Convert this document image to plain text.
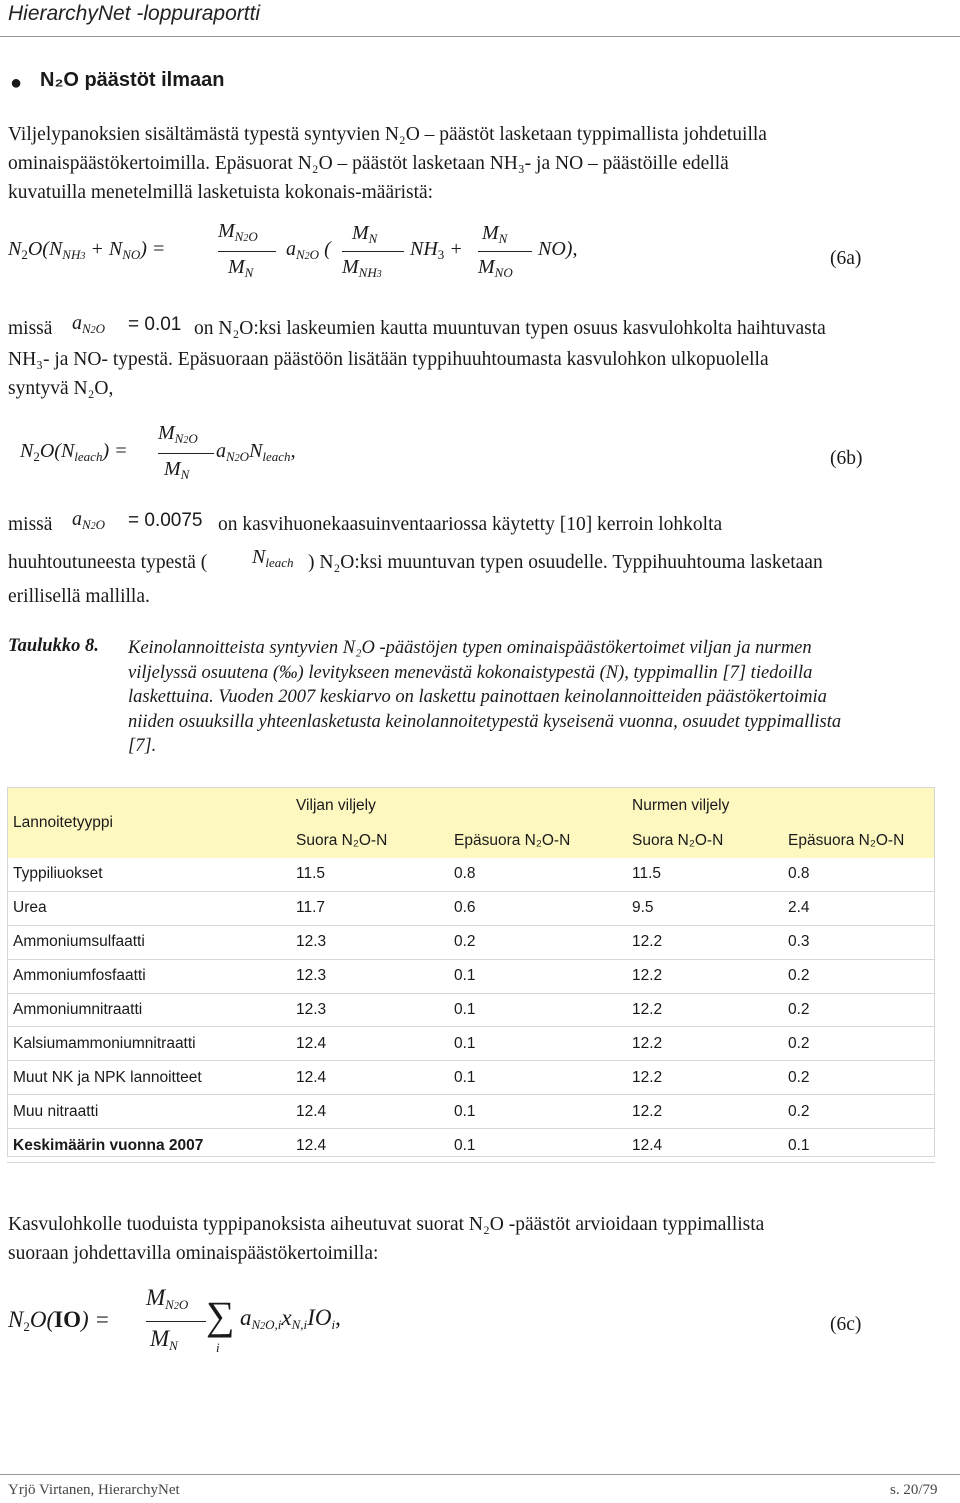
HierarchyNet -loppuraportti
● N₂O päästöt ilmaan
Viljelypanoksien sisältämästä typestä syntyvien N₂O – päästöt lasketaan typpimallista johdetuilla
ominaispäästökertoimilla. Epäsuorat N₂O – päästöt lasketaan NH₃- ja NO – päästöille edellä
kuvatuilla menetelmillä lasketuista kokonais-määristä:
$N_2O(N_{NH3} + N_{NO})$ =
$M_{N2O}$
$M_N$
$a_{N2O}$ (
$M_N$
$M_{NH3}$
$NH_3$ +
$M_N$
$M_{NO}$
NO),	(6a)
missä $a_{N2O} = 0.01$ on N₂O:ksi laskeumien kautta muuntuvan typen osuus kasvulohkolta haihtuvasta
NH₃- ja NO- typestä. Epäsuoraan päästöön lisätään typpihuuhtoumasta kasvulohkon ulkopuolella
syntyvä N₂O,
$N_2O(N_{leach})$ =
$M_{N2O}$
$M_N$
$a_{N2O}N_{leach}$,	(6b)
missä $a_{N2O} = 0.0075$ on kasvihuonekaasuinventaariossa käytetty [10] kerroin lohkolta
huuhtoutuneesta typestä ( $N_{leach}$ ) N₂O:ksi muuntuvan typen osuudelle. Typpihuuhtouma lasketaan
erillisellä mallilla.
Taulukko 8. Keinolannoitteista syntyvien N₂O -päästöjen typen ominaispäästökertoimet viljan ja nurmen
viljelyssä osuutena (‰) levitykseen menevästä kokonaistypestä (N), typpimallin [7] tiedoilla
laskettuina. Vuoden 2007 keskiarvo on laskettu painottaen keinolannoitteiden päästökertoimia
niiden osuuksilla yhteenlasketusta keinolannoitetypestä kyseisenä vuonna, osuudet typpimallista
[7].
Lannoitetyyppi	Viljan viljely		Nurmen viljely	
	Suora N₂O-N	Epäsuora N₂O-N	Suora N₂O-N	Epäsuora N₂O-N
Typpiliuokset	11.5	0.8	11.5	0.8
Urea	11.7	0.6	9.5	2.4
Ammoniumsulfaatti	12.3	0.2	12.2	0.3
Ammoniumfosfaatti	12.3	0.1	12.2	0.2
Ammoniumnitraatti	12.3	0.1	12.2	0.2
Kalsiumammoniumnitraatti	12.4	0.1	12.2	0.2
Muut NK ja NPK lannoitteet	12.4	0.1	12.2	0.2
Muu nitraatti	12.4	0.1	12.2	0.2
Keskimäärin vuonna 2007	12.4	0.1	12.4	0.1
Kasvulohkolle tuoduista typpipanoksista aiheutuvat suorat N₂O -päästöt arvioidaan typpimallista
suoraan johdettavilla ominaispäästökertoimilla:
$N_2O(IO)$ =
$M_{N2O}$
$M_N$
∑
i
$a_{N2O,i}x_{N,i}IO_i$,	(6c)
Yrjö Virtanen, HierarchyNet	s. 20/79
